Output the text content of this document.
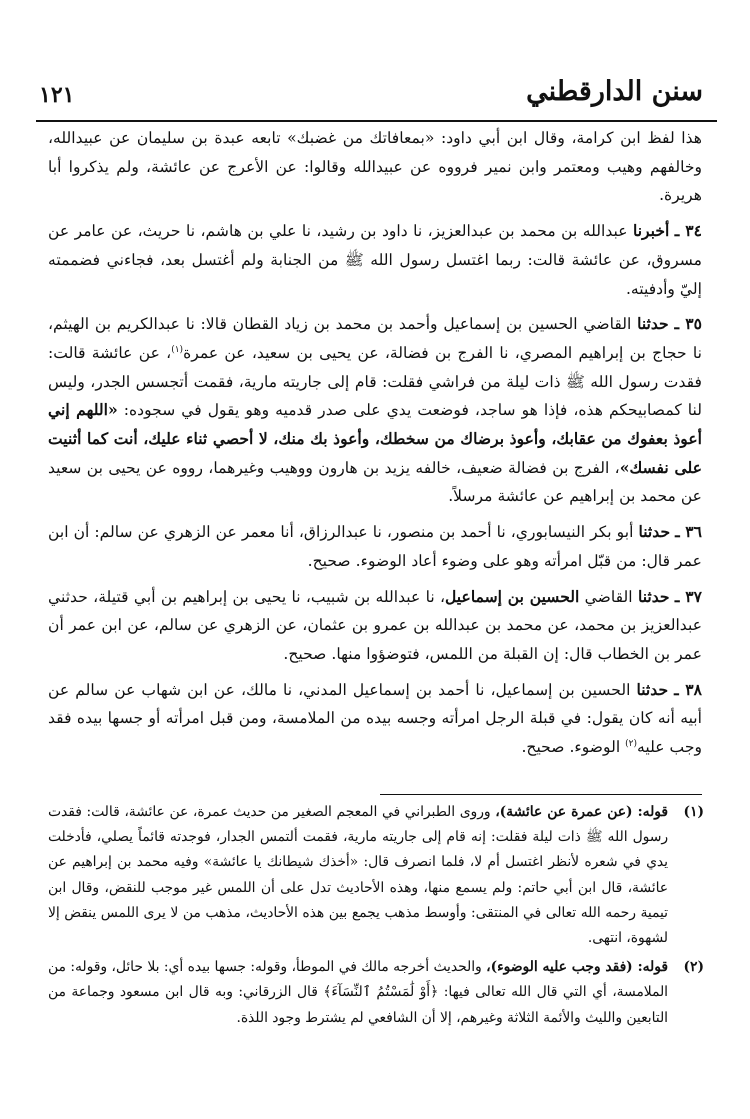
سنن الدارقطني
١٢١

هذا لفظ ابن كرامة، وقال ابن أبي داود: «بمعافاتك من غضبك» تابعه عبدة بن سليمان عن عبيدالله، وخالفهم وهيب ومعتمر وابن نمير فرووه عن عبيدالله وقالوا: عن الأعرج عن عائشة، ولم يذكروا أبا هريرة.

٣٤ ـ أخبرنا عبدالله بن محمد بن عبدالعزيز، نا داود بن رشيد، نا علي بن هاشم، نا حريث، عن عامر عن مسروق، عن عائشة قالت: ربما اغتسل رسول الله ﷺ من الجنابة ولم أغتسل بعد، فجاءني فضممته إليّ وأدفيته.

٣٥ ـ حدثنا القاضي الحسين بن إسماعيل وأحمد بن محمد بن زياد القطان قالا: نا عبدالكريم بن الهيثم، نا حجاج بن إبراهيم المصري، نا الفرج بن فضالة، عن يحيى بن سعيد، عن عمرة$^{(١)}$، عن عائشة قالت: فقدت رسول الله ﷺ ذات ليلة من فراشي فقلت: قام إلى جاريته مارية، فقمت أتجسس الجدر، وليس لنا كمصابيحكم هذه، فإذا هو ساجد، فوضعت يدي على صدر قدميه وهو يقول في سجوده: «اللهم إني أعوذ بعفوك من عقابك، وأعوذ برضاك من سخطك، وأعوذ بك منك، لا أحصي ثناء عليك، أنت كما أثنيت على نفسك»، الفرج بن فضالة ضعيف، خالفه يزيد بن هارون ووهيب وغيرهما، رووه عن يحيى بن سعيد عن محمد بن إبراهيم عن عائشة مرسلاً.

٣٦ ـ حدثنا أبو بكر النيسابوري، نا أحمد بن منصور، نا عبدالرزاق، أنا معمر عن الزهري عن سالم: أن ابن عمر قال: من قبّل امرأته وهو على وضوء أعاد الوضوء. صحيح.

٣٧ ـ حدثنا القاضي الحسين بن إسماعيل، نا عبدالله بن شبيب، نا يحيى بن إبراهيم بن أبي قتيلة، حدثني عبدالعزيز بن محمد، عن محمد بن عبدالله بن عمرو بن عثمان، عن الزهري عن سالم، عن ابن عمر أن عمر بن الخطاب قال: إن القبلة من اللمس، فتوضؤوا منها. صحيح.

٣٨ ـ حدثنا الحسين بن إسماعيل، نا أحمد بن إسماعيل المدني، نا مالك، عن ابن شهاب عن سالم عن أبيه أنه كان يقول: في قبلة الرجل امرأته وجسه بيده من الملامسة، ومن قبل امرأته أو جسها بيده فقد وجب عليه$^{(٢)}$ الوضوء. صحيح.

(١)
قوله: (عن عمرة عن عائشة)، وروى الطبراني في المعجم الصغير من حديث عمرة، عن عائشة، قالت: فقدت رسول الله ﷺ ذات ليلة فقلت: إنه قام إلى جاريته مارية، فقمت ألتمس الجدار، فوجدته قائماً يصلي، فأدخلت يدي في شعره لأنظر اغتسل أم لا، فلما انصرف قال: «أخذك شيطانك يا عائشة» وفيه محمد بن إبراهيم عن عائشة، قال ابن أبي حاتم: ولم يسمع منها، وهذه الأحاديث تدل على أن اللمس غير موجب للنقض، وقال ابن تيمية رحمه الله تعالى في المنتقى: وأوسط مذهب يجمع بين هذه الأحاديث، مذهب من لا يرى اللمس ينقض إلا لشهوة، انتهى.
(٢)
قوله: (فقد وجب عليه الوضوء)، والحديث أخرجه مالك في الموطأ، وقوله: جسها بيده أي: بلا حائل، وقوله: من الملامسة، أي التي قال الله تعالى فيها: ﴿أَوْ لَٰمَسْتُمُ ٱلنِّسَآءَ﴾ قال الزرقاني: وبه قال ابن مسعود وجماعة من التابعين والليث والأئمة الثلاثة وغيرهم، إلا أن الشافعي لم يشترط وجود اللذة.
